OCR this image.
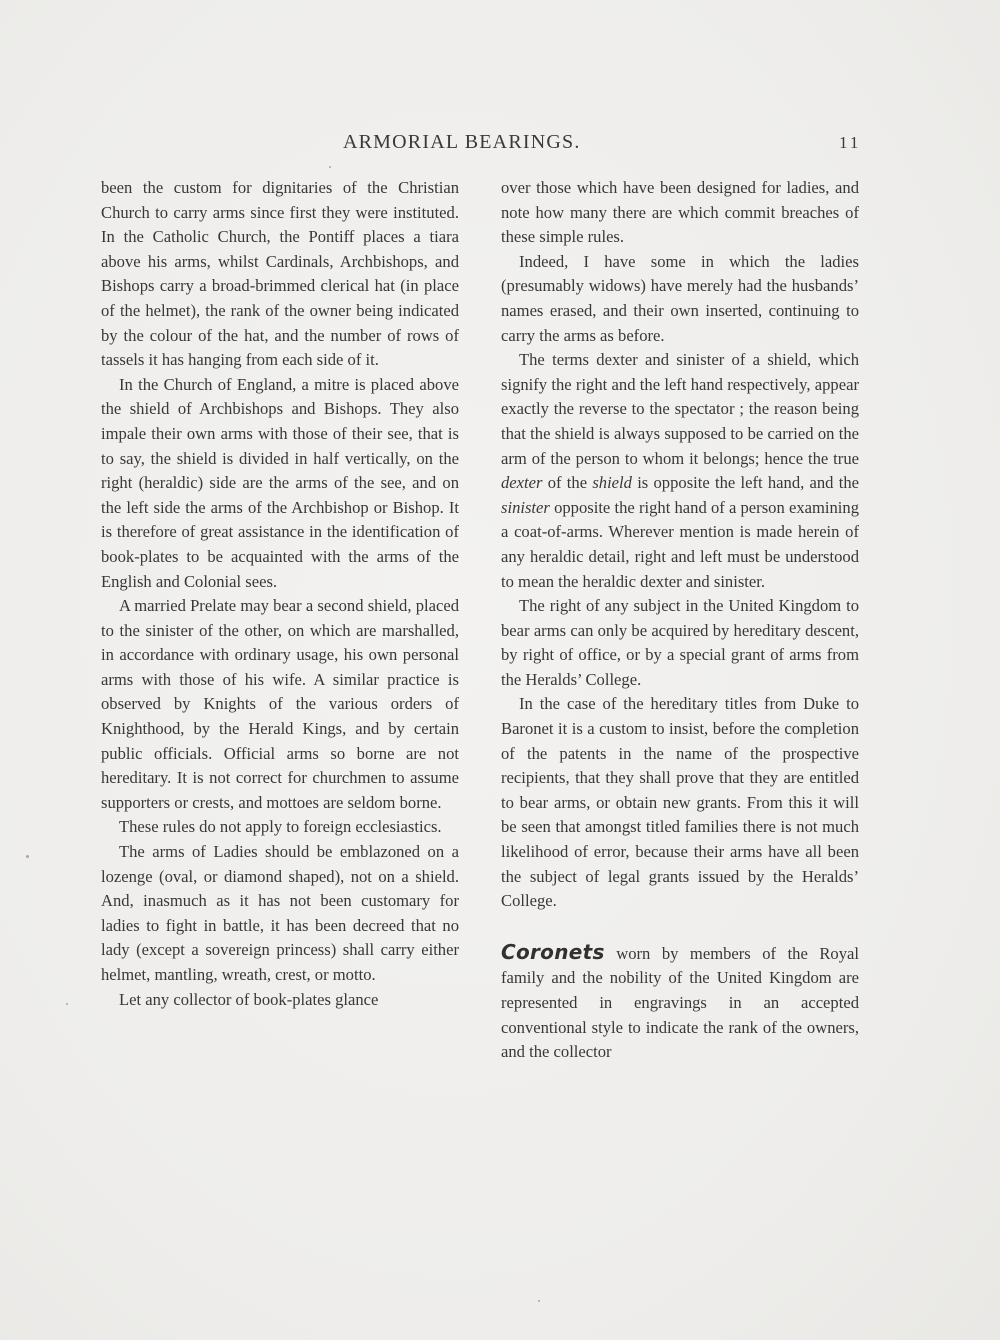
ARMORIAL BEARINGS.	11

been the custom for dignitaries of the Christian Church to carry arms since first they were instituted. In the Catholic Church, the Pontiff places a tiara above his arms, whilst Cardinals, Archbishops, and Bishops carry a broad-brimmed clerical hat (in place of the helmet), the rank of the owner being indicated by the colour of the hat, and the number of rows of tassels it has hanging from each side of it.

In the Church of England, a mitre is placed above the shield of Archbishops and Bishops. They also impale their own arms with those of their see, that is to say, the shield is divided in half vertically, on the right (heraldic) side are the arms of the see, and on the left side the arms of the Archbishop or Bishop. It is therefore of great assistance in the identification of book-plates to be acquainted with the arms of the English and Colonial sees.

A married Prelate may bear a second shield, placed to the sinister of the other, on which are marshalled, in accordance with ordinary usage, his own personal arms with those of his wife. A similar practice is observed by Knights of the various orders of Knighthood, by the Herald Kings, and by certain public officials. Official arms so borne are not hereditary. It is not correct for churchmen to assume supporters or crests, and mottoes are seldom borne.

These rules do not apply to foreign ecclesiastics.

The arms of Ladies should be emblazoned on a lozenge (oval, or diamond shaped), not on a shield. And, inasmuch as it has not been customary for ladies to fight in battle, it has been decreed that no lady (except a sovereign princess) shall carry either helmet, mantling, wreath, crest, or motto.

Let any collector of book-plates glance

over those which have been designed for ladies, and note how many there are which commit breaches of these simple rules.

Indeed, I have some in which the ladies (presumably widows) have merely had the husbands’ names erased, and their own inserted, continuing to carry the arms as before.

The terms dexter and sinister of a shield, which signify the right and the left hand respectively, appear exactly the reverse to the spectator ; the reason being that the shield is always supposed to be carried on the arm of the person to whom it belongs; hence the true dexter of the shield is opposite the left hand, and the sinister opposite the right hand of a person examining a coat-of-arms. Wherever mention is made herein of any heraldic detail, right and left must be understood to mean the heraldic dexter and sinister.

The right of any subject in the United Kingdom to bear arms can only be acquired by hereditary descent, by right of office, or by a special grant of arms from the Heralds’ College.

In the case of the hereditary titles from Duke to Baronet it is a custom to insist, before the completion of the patents in the name of the prospective recipients, that they shall prove that they are entitled to bear arms, or obtain new grants. From this it will be seen that amongst titled families there is not much likelihood of error, because their arms have all been the subject of legal grants issued by the Heralds’ College.

Coronets worn by members of the Royal family and the nobility of the United Kingdom are represented in engravings in an accepted conventional style to indicate the rank of the owners, and the collector
